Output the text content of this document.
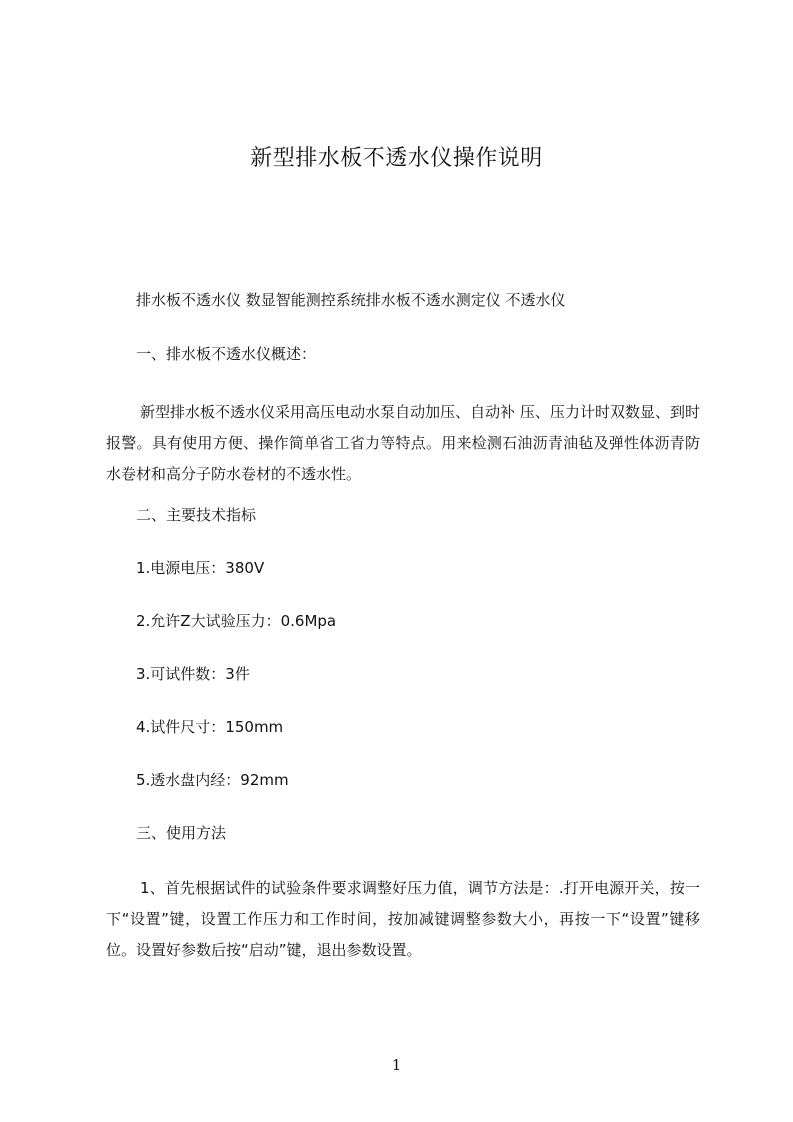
新型排水板不透水仪操作说明
排水板不透水仪 数显智能测控系统排水板不透水测定仪 不透水仪
一、排水板不透水仪概述：
新型排水板不透水仪采用高压电动水泵自动加压、自动补 压、压力计时双数显、到时报警。具有使用方便、操作简单省工省力等特点。用来检测石油沥青油毡及弹性体沥青防水卷材和高分子防水卷材的不透水性。
二、主要技术指标
1.电源电压：380V
2.允许Z大试验压力：0.6Mpa
3.可试件数：3件
4.试件尺寸：150mm
5.透水盘内经：92mm
三、使用方法
1、首先根据试件的试验条件要求调整好压力值，调节方法是：.打开电源开关，按一下“设置”键，设置工作压力和工作时间，按加减键调整参数大小，再按一下“设置”键移位。设置好参数后按“启动”键，退出参数设置。
1
